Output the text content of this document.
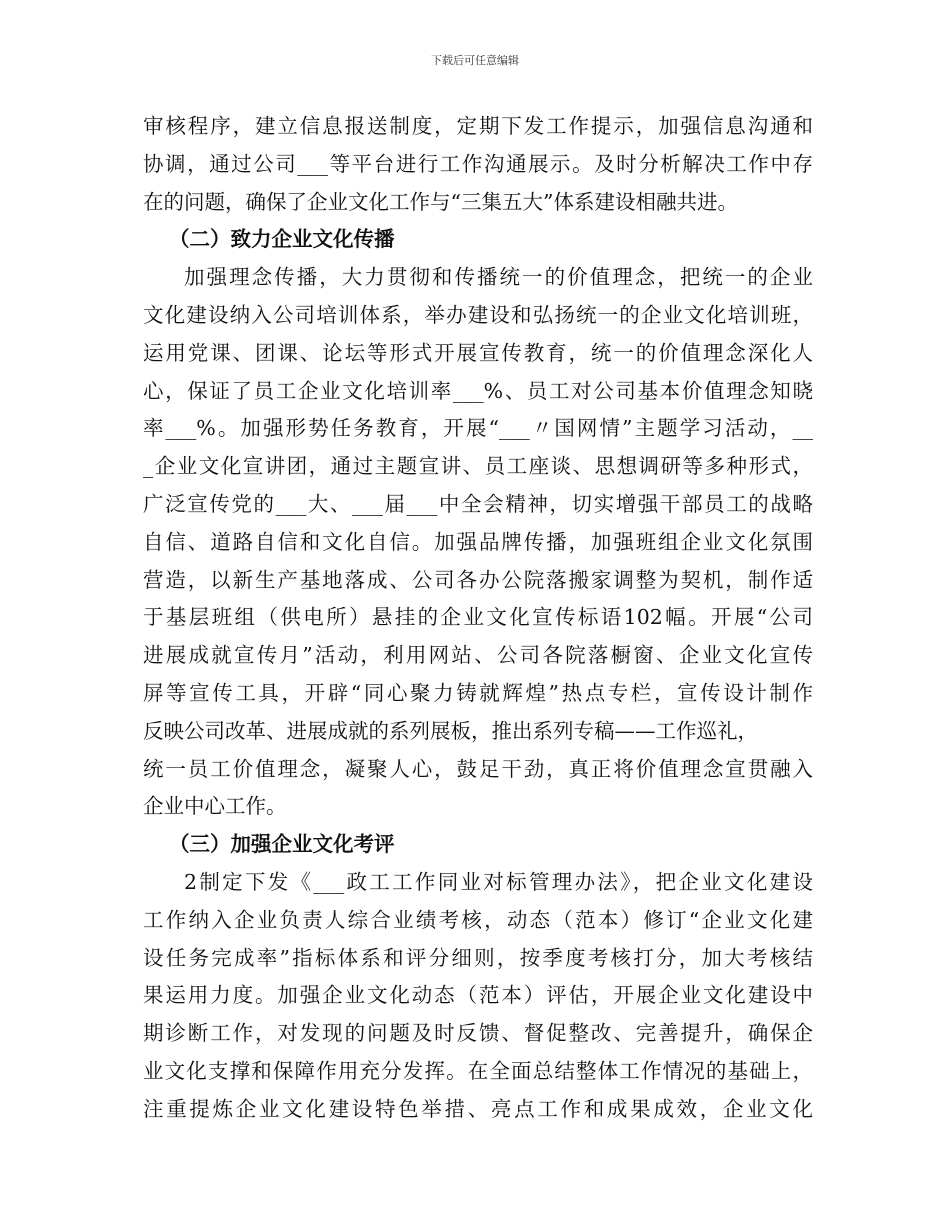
下载后可任意编辑
审核程序，建立信息报送制度，定期下发工作提示，加强信息沟通和
协调，通过公司___等平台进行工作沟通展示。及时分析解决工作中存
在的问题，确保了企业文化工作与“三集五大”体系建设相融共进。
（二）致力企业文化传播
加强理念传播，大力贯彻和传播统一的价值理念，把统一的企业
文化建设纳入公司培训体系，举办建设和弘扬统一的企业文化培训班，
运用党课、团课、论坛等形式开展宣传教育，统一的价值理念深化人
心，保证了员工企业文化培训率___%、员工对公司基本价值理念知晓
率___%。加强形势任务教育，开展“___〃国网情”主题学习活动，__
_企业文化宣讲团，通过主题宣讲、员工座谈、思想调研等多种形式，
广泛宣传党的___大、___届___中全会精神，切实增强干部员工的战略
自信、道路自信和文化自信。加强品牌传播，加强班组企业文化氛围
营造，以新生产基地落成、公司各办公院落搬家调整为契机，制作适
于基层班组（供电所）悬挂的企业文化宣传标语102幅。开展“公司
进展成就宣传月”活动，利用网站、公司各院落橱窗、企业文化宣传
屏等宣传工具，开辟“同心聚力铸就辉煌”热点专栏，宣传设计制作
反映公司改革、进展成就的系列展板，推出系列专稿——工作巡礼，
统一员工价值理念，凝聚人心，鼓足干劲，真正将价值理念宣贯融入
企业中心工作。
（三）加强企业文化考评
2制定下发《___政工工作同业对标管理办法》，把企业文化建设
工作纳入企业负责人综合业绩考核，动态（范本）修订“企业文化建
设任务完成率”指标体系和评分细则，按季度考核打分，加大考核结
果运用力度。加强企业文化动态（范本）评估，开展企业文化建设中
期诊断工作，对发现的问题及时反馈、督促整改、完善提升，确保企
业文化支撑和保障作用充分发挥。在全面总结整体工作情况的基础上，
注重提炼企业文化建设特色举措、亮点工作和成果成效，企业文化
